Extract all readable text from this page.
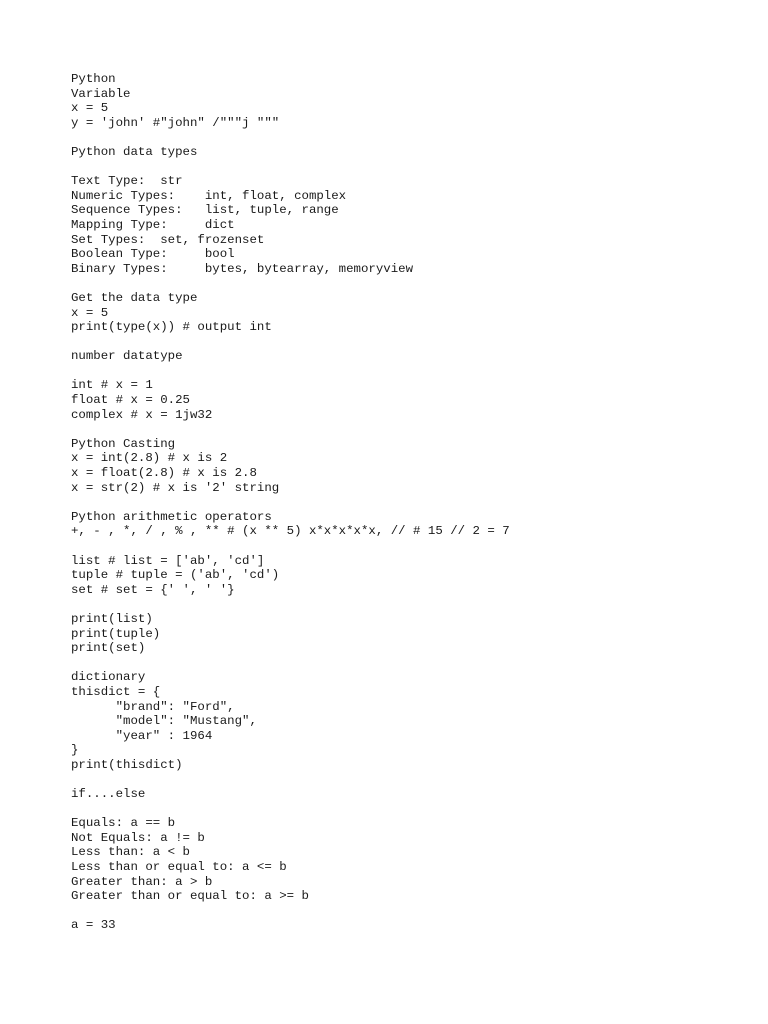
Python
Variable
x = 5
y = 'john' #"john" /"""j """
Python data types
Text Type:  str
Numeric Types:    int, float, complex
Sequence Types:   list, tuple, range
Mapping Type:     dict
Set Types:  set, frozenset
Boolean Type:     bool
Binary Types:     bytes, bytearray, memoryview
Get the data type
x = 5
print(type(x)) # output int
number datatype
int # x = 1
float # x = 0.25
complex # x = 1jw32
Python Casting
x = int(2.8) # x is 2
x = float(2.8) # x is 2.8
x = str(2) # x is '2' string
Python arithmetic operators
+, - , *, / , % , ** # (x ** 5) x*x*x*x*x, // # 15 // 2 = 7
list # list = ['ab', 'cd']
tuple # tuple = ('ab', 'cd')
set # set = {' ', ' '}
print(list)
print(tuple)
print(set)
dictionary
thisdict = {
"brand": "Ford",
"model": "Mustang",
"year" : 1964
}
print(thisdict)
if....else
Equals: a == b
Not Equals: a != b
Less than: a < b
Less than or equal to: a <= b
Greater than: a > b
Greater than or equal to: a >= b
a = 33
